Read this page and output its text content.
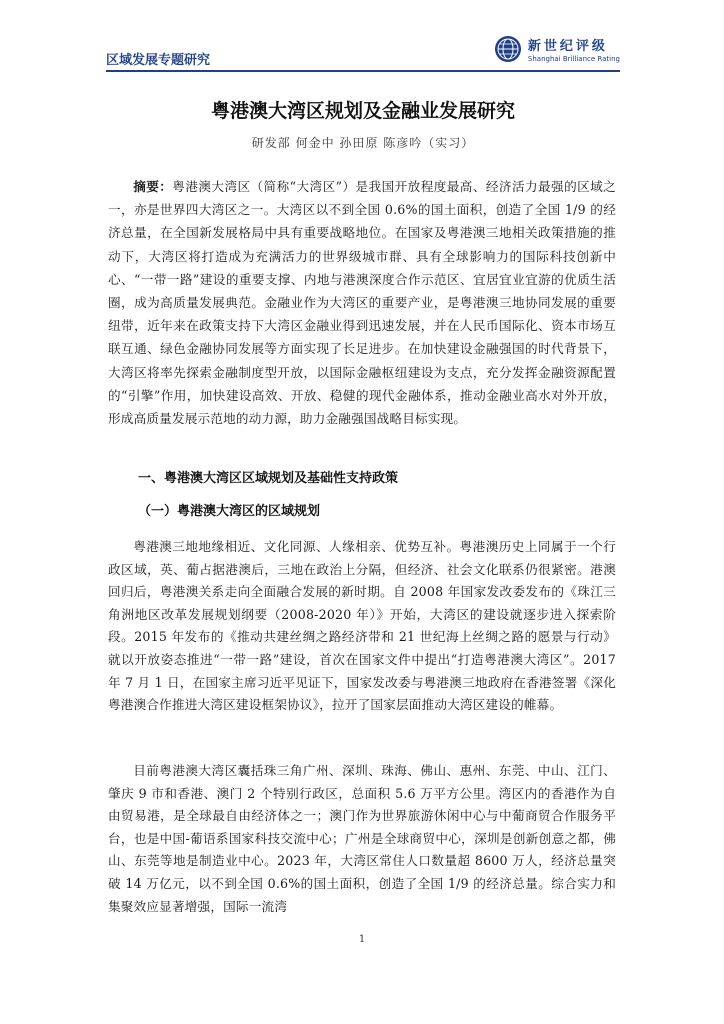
区域发展专题研究
新世纪评级
Shanghai Brilliance Rating
粤港澳大湾区规划及金融业发展研究
研发部 何金中 孙田原 陈彦吟（实习）
摘要：粤港澳大湾区（简称“大湾区”）是我国开放程度最高、经济活力最强的区域之一，亦是世界四大湾区之一。大湾区以不到全国 0.6%的国土面积，创造了全国 1/9 的经济总量，在全国新发展格局中具有重要战略地位。在国家及粤港澳三地相关政策措施的推动下，大湾区将打造成为充满活力的世界级城市群、具有全球影响力的国际科技创新中心、“一带一路”建设的重要支撑、内地与港澳深度合作示范区、宜居宜业宜游的优质生活圈，成为高质量发展典范。金融业作为大湾区的重要产业，是粤港澳三地协同发展的重要纽带，近年来在政策支持下大湾区金融业得到迅速发展，并在人民币国际化、资本市场互联互通、绿色金融协同发展等方面实现了长足进步。在加快建设金融强国的时代背景下，大湾区将率先探索金融制度型开放，以国际金融枢纽建设为支点，充分发挥金融资源配置的“引擎”作用，加快建设高效、开放、稳健的现代金融体系，推动金融业高水对外开放，形成高质量发展示范地的动力源，助力金融强国战略目标实现。
一、粤港澳大湾区区域规划及基础性支持政策
（一）粤港澳大湾区的区域规划
粤港澳三地地缘相近、文化同源、人缘相亲、优势互补。粤港澳历史上同属于一个行政区域，英、葡占据港澳后，三地在政治上分隔，但经济、社会文化联系仍很紧密。港澳回归后，粤港澳关系走向全面融合发展的新时期。自 2008 年国家发改委发布的《珠江三角洲地区改革发展规划纲要（2008-2020 年）》开始，大湾区的建设就逐步进入探索阶段。2015 年发布的《推动共建丝绸之路经济带和 21 世纪海上丝绸之路的愿景与行动》就以开放姿态推进“一带一路”建设，首次在国家文件中提出“打造粤港澳大湾区”。2017 年 7 月 1 日，在国家主席习近平见证下，国家发改委与粤港澳三地政府在香港签署《深化粤港澳合作推进大湾区建设框架协议》，拉开了国家层面推动大湾区建设的帷幕。
目前粤港澳大湾区囊括珠三角广州、深圳、珠海、佛山、惠州、东莞、中山、江门、肇庆 9 市和香港、澳门 2 个特别行政区，总面积 5.6 万平方公里。湾区内的香港作为自由贸易港，是全球最自由经济体之一；澳门作为世界旅游休闲中心与中葡商贸合作服务平台，也是中国-葡语系国家科技交流中心；广州是全球商贸中心，深圳是创新创意之都，佛山、东莞等地是制造业中心。2023 年，大湾区常住人口数量超 8600 万人，经济总量突破 14 万亿元，以不到全国 0.6%的国土面积，创造了全国 1/9 的经济总量。综合实力和集聚效应显著增强，国际一流湾
1
